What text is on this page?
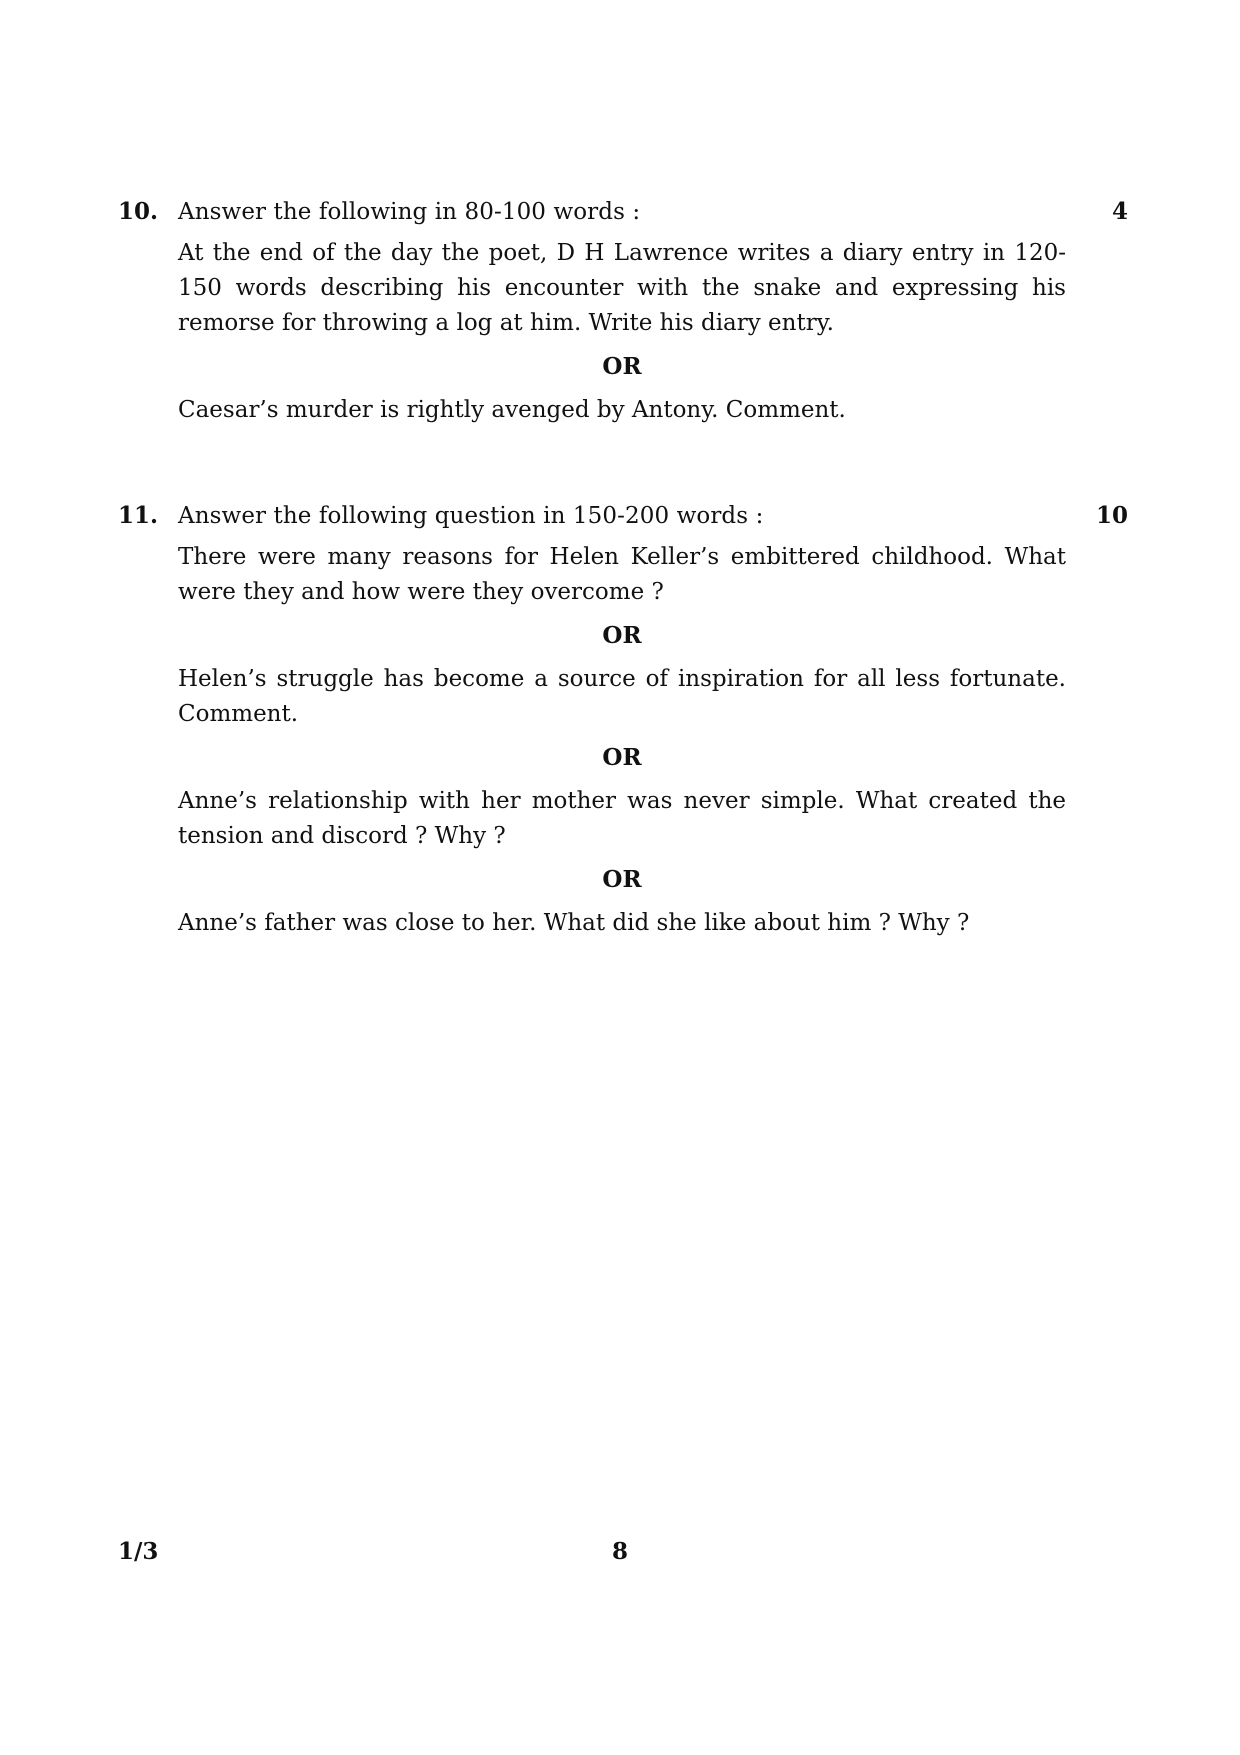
10. Answer the following in 80-100 words :	4

At the end of the day the poet, D H Lawrence writes a diary entry in 120-150 words describing his encounter with the snake and expressing his remorse for throwing a log at him. Write his diary entry.

OR

Caesar’s murder is rightly avenged by Antony. Comment.

11. Answer the following question in 150-200 words :	10

There were many reasons for Helen Keller’s embittered childhood. What were they and how were they overcome ?

OR

Helen’s struggle has become a source of inspiration for all less fortunate. Comment.

OR

Anne’s relationship with her mother was never simple. What created the tension and discord ? Why ?

OR

Anne’s father was close to her. What did she like about him ? Why ?

1/3	8
